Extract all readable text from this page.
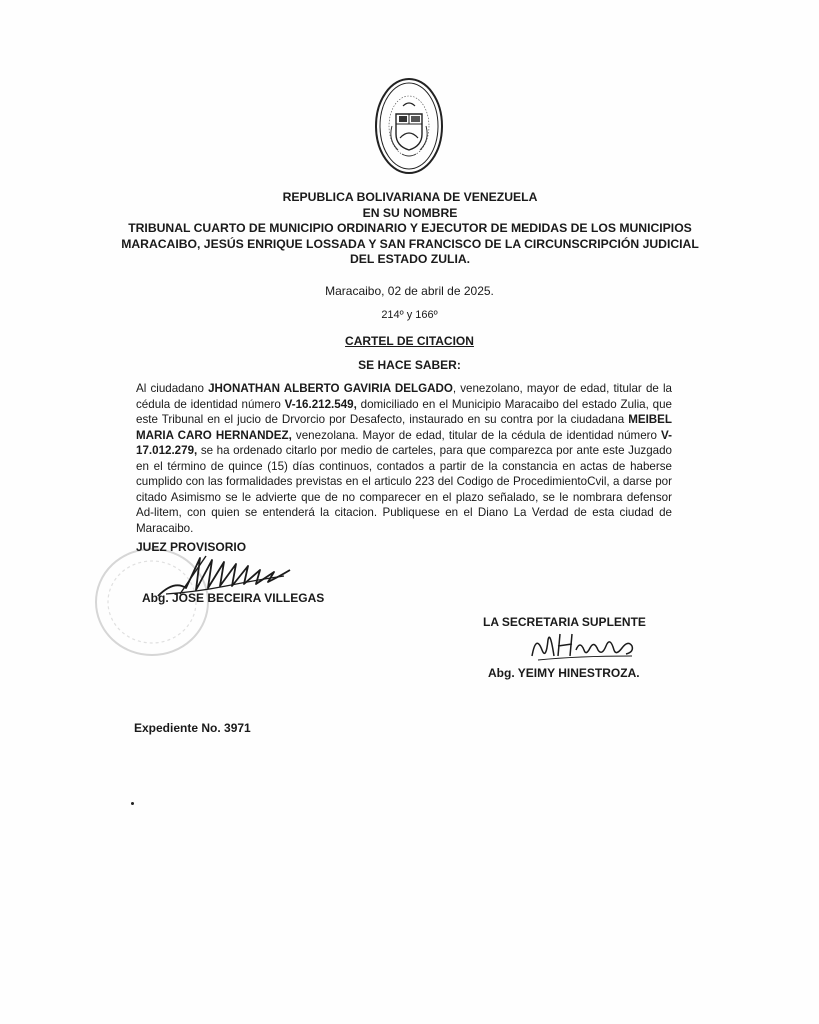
REPUBLICA BOLIVARIANA DE VENEZUELA
EN SU NOMBRE
TRIBUNAL CUARTO DE MUNICIPIO ORDINARIO Y EJECUTOR DE MEDIDAS DE LOS MUNICIPIOS
MARACAIBO, JESÚS ENRIQUE LOSSADA Y SAN FRANCISCO DE LA CIRCUNSCRIPCIÓN JUDICIAL
DEL ESTADO ZULIA.
Maracaibo, 02 de abril de 2025.
214º y 166º
CARTEL DE CITACION
SE HACE SABER:
Al ciudadano JHONATHAN ALBERTO GAVIRIA DELGADO, venezolano, mayor de edad, titular de la cédula de identidad número V-16.212.549, domiciliado en el Municipio Maracaibo del estado Zulia, que este Tribunal en el jucio de Drvorcio por Desafecto, instaurado en su contra por la ciudadana MEIBEL MARIA CARO HERNANDEZ, venezolana. Mayor de edad, titular de la cédula de identidad número V-17.012.279, se ha ordenado citarlo por medio de carteles, para que comparezca por ante este Juzgado en el término de quince (15) días continuos, contados a partir de la constancia en actas de haberse cumplido con las formalidades previstas en el articulo 223 del Codigo de ProcedimientoCvil, a darse por citado Asimismo se le advierte que de no comparecer en el plazo señalado, se le nombrara defensor Ad-litem, con quien se entenderá la citacion. Publiquese en el Diano La Verdad de esta ciudad de Maracaibo.
JUEZ PROVISORIO
Abg. JOSE BECEIRA VILLEGAS
LA SECRETARIA SUPLENTE
Abg. YEIMY HINESTROZA.
Expediente No. 3971
